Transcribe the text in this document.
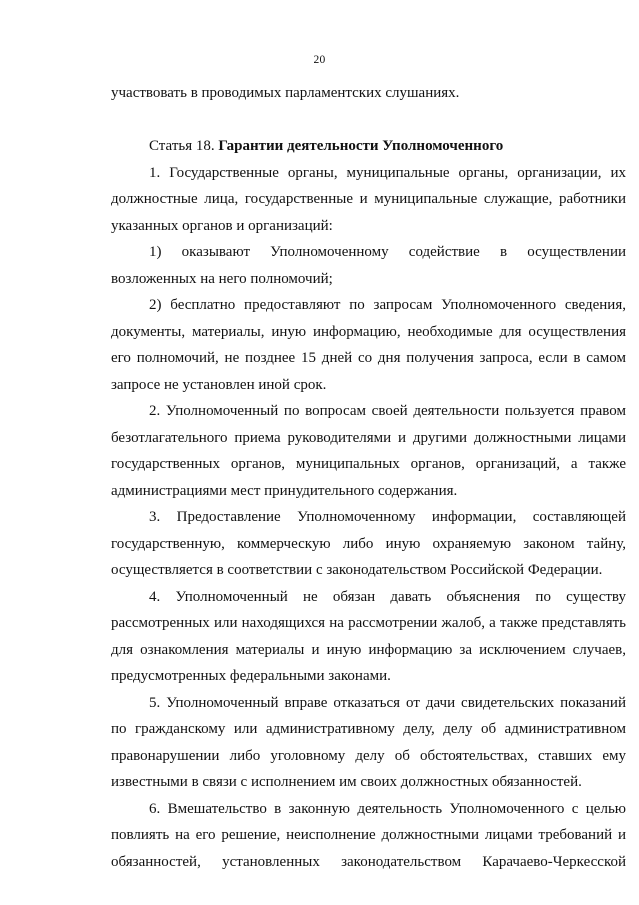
20

участвовать в проводимых парламентских слушаниях.

Статья 18. Гарантии деятельности Уполномоченного

1. Государственные органы, муниципальные органы, организации, их должностные лица, государственные и муниципальные служащие, работники указанных органов и организаций:

1) оказывают Уполномоченному содействие в осуществлении возложенных на него полномочий;

2) бесплатно предоставляют по запросам Уполномоченного сведения, документы, материалы, иную информацию, необходимые для осуществления его полномочий, не позднее 15 дней со дня получения запроса, если в самом запросе не установлен иной срок.

2. Уполномоченный по вопросам своей деятельности пользуется правом безотлагательного приема руководителями и другими должностными лицами государственных органов, муниципальных органов, организаций, а также администрациями мест принудительного содержания.

3. Предоставление Уполномоченному информации, составляющей государственную, коммерческую либо иную охраняемую законом тайну, осуществляется в соответствии с законодательством Российской Федерации.

4. Уполномоченный не обязан давать объяснения по существу рассмотренных или находящихся на рассмотрении жалоб, а также представлять для ознакомления материалы и иную информацию за исключением случаев, предусмотренных федеральными законами.

5. Уполномоченный вправе отказаться от дачи свидетельских показаний по гражданскому или административному делу, делу об административном правонарушении либо уголовному делу об обстоятельствах, ставших ему известными в связи с исполнением им своих должностных обязанностей.

6. Вмешательство в законную деятельность Уполномоченного с целью повлиять на его решение, неисполнение должностными лицами требований и обязанностей, установленных законодательством Карачаево-Черкесской
